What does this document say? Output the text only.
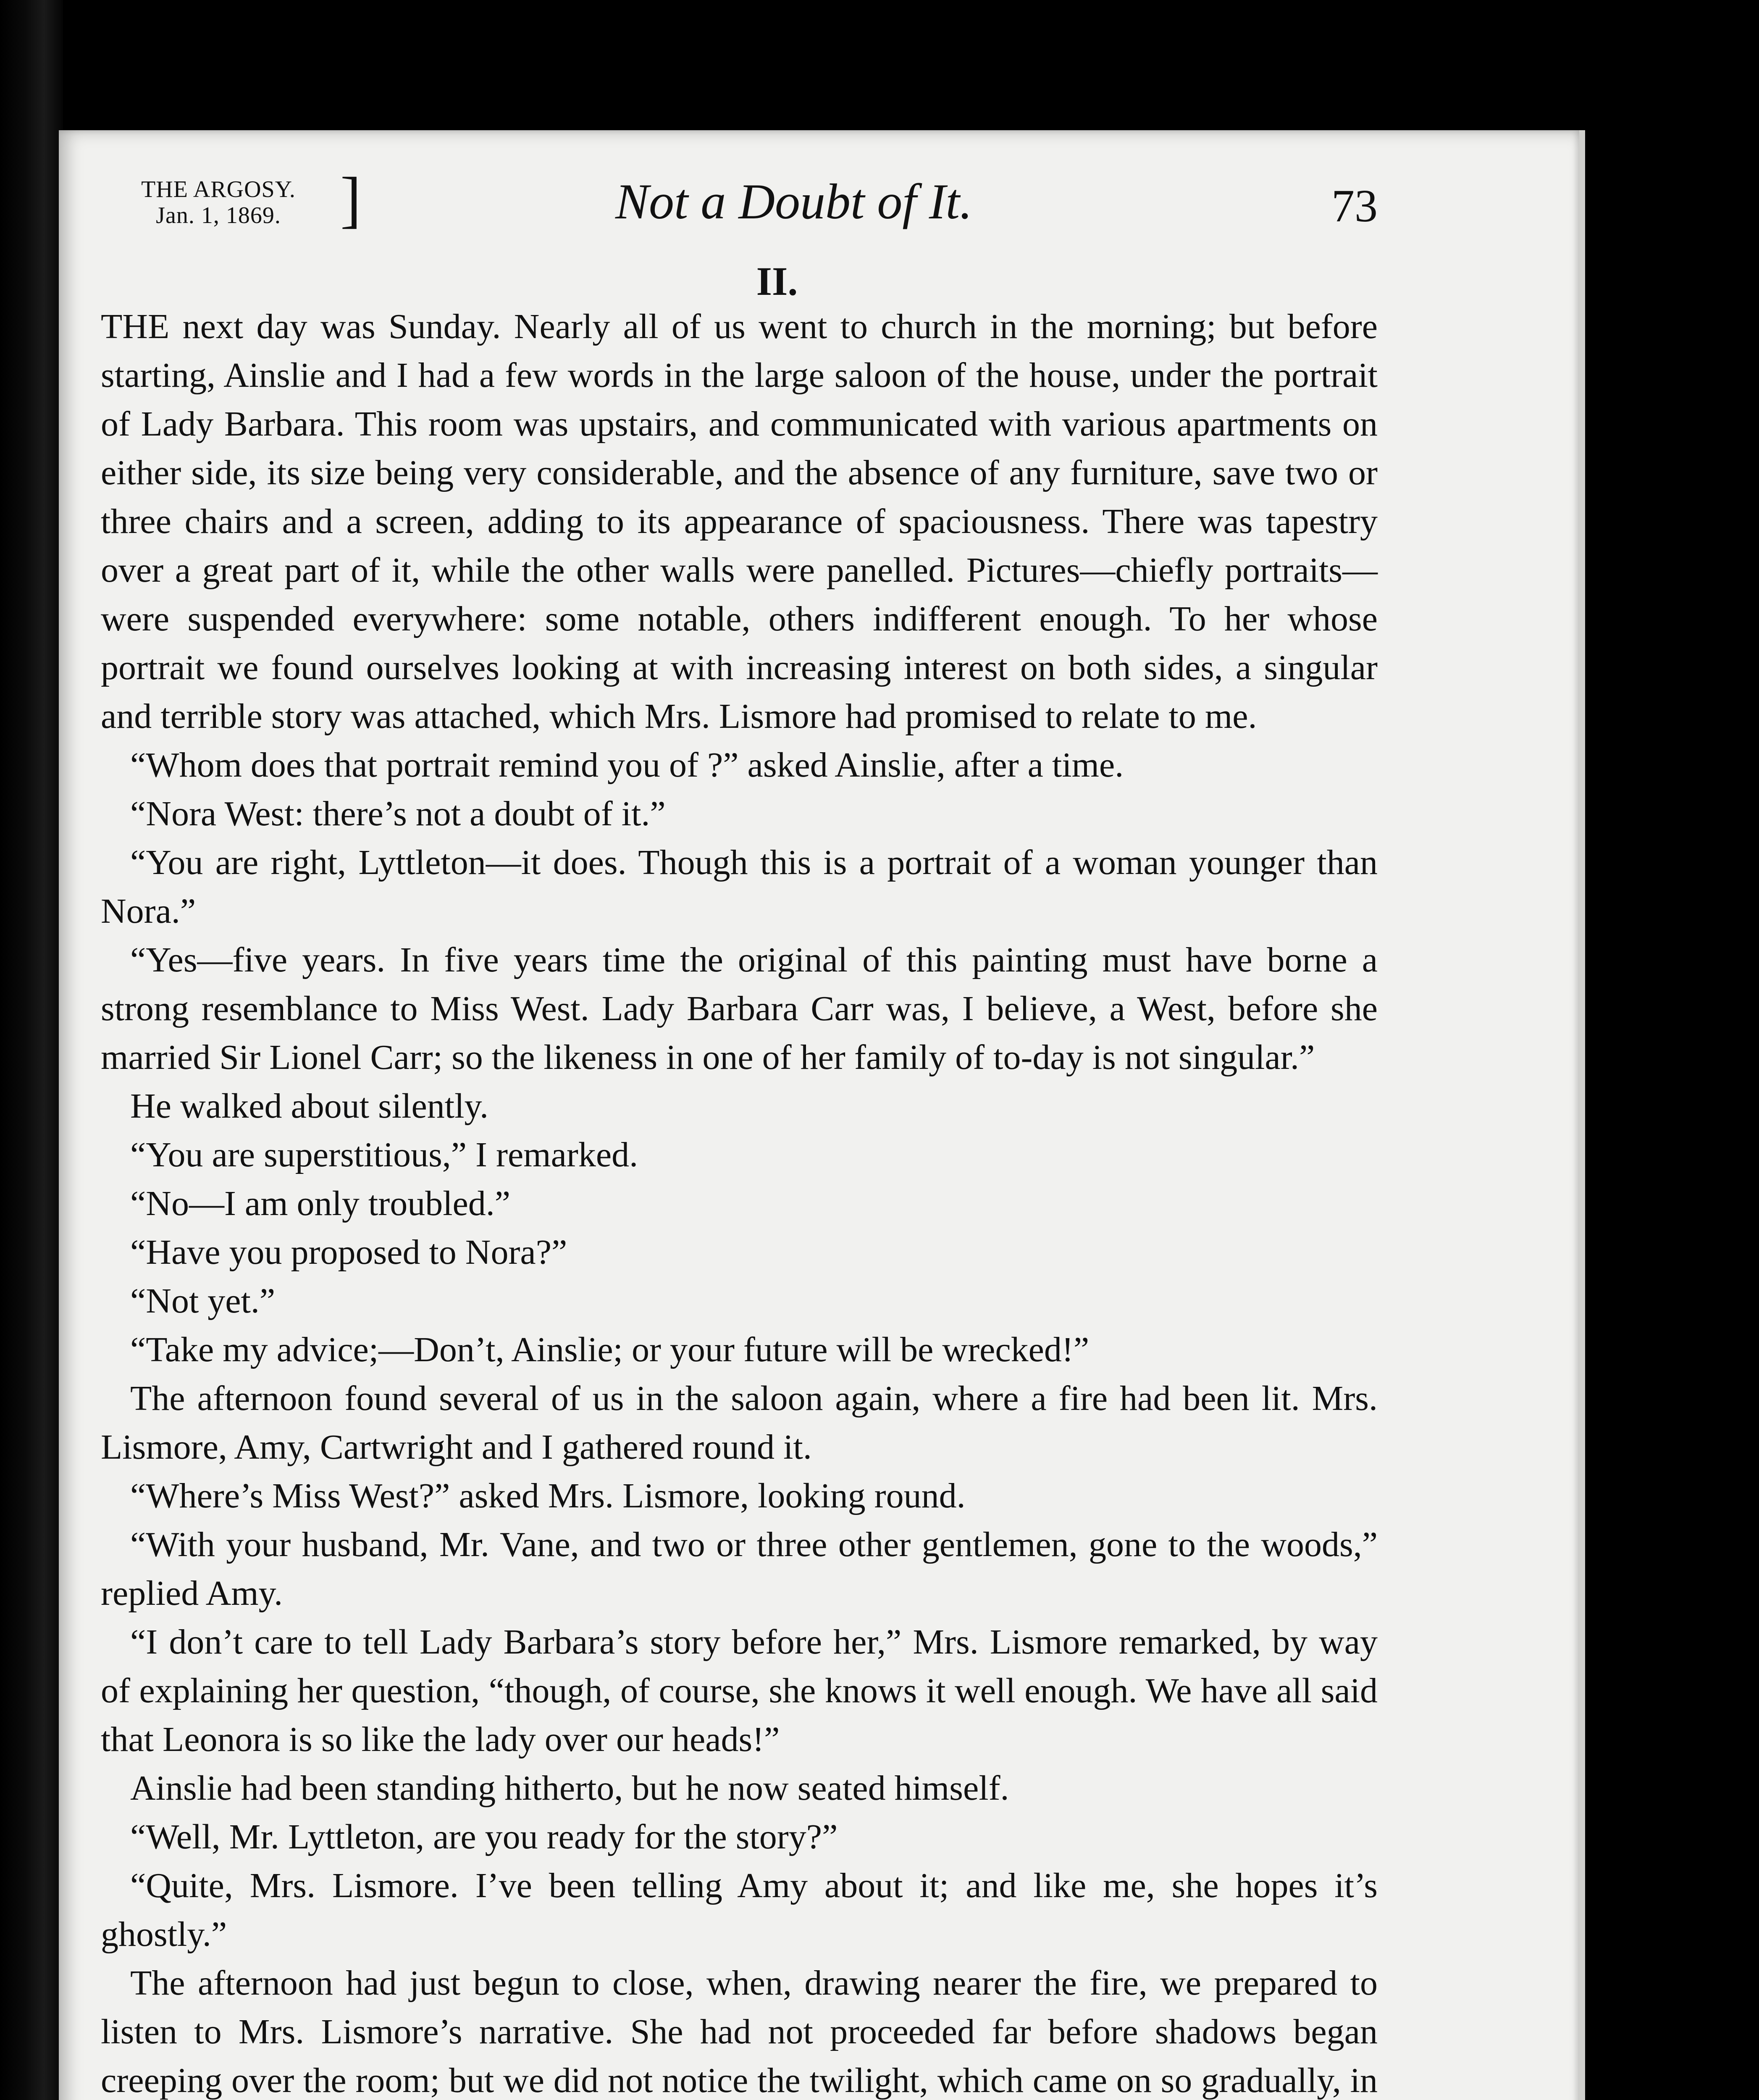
THE ARGOSY.
Jan. 1, 1869. ]	Not a Doubt of It.	73
II.

THE next day was Sunday. Nearly all of us went to church in the morning; but before starting, Ainslie and I had a few words in the large saloon of the house, under the portrait of Lady Barbara. This room was upstairs, and communicated with various apartments on either side, its size being very considerable, and the absence of any furniture, save two or three chairs and a screen, adding to its appearance of spaciousness. There was tapestry over a great part of it, while the other walls were panelled. Pictures—chiefly portraits—were suspended everywhere: some notable, others indifferent enough. To her whose portrait we found ourselves looking at with increasing interest on both sides, a singular and terrible story was attached, which Mrs. Lismore had promised to relate to me.

“Whom does that portrait remind you of ?” asked Ainslie, after a time.

“Nora West: there’s not a doubt of it.”

“You are right, Lyttleton—it does. Though this is a portrait of a woman younger than Nora.”

“Yes—five years. In five years time the original of this painting must have borne a strong resemblance to Miss West. Lady Barbara Carr was, I believe, a West, before she married Sir Lionel Carr; so the likeness in one of her family of to-day is not singular.”

He walked about silently.

“You are superstitious,” I remarked.

“No—I am only troubled.”

“Have you proposed to Nora?”

“Not yet.”

“Take my advice;—Don’t, Ainslie; or your future will be wrecked!”

The afternoon found several of us in the saloon again, where a fire had been lit. Mrs. Lismore, Amy, Cartwright and I gathered round it.

“Where’s Miss West?” asked Mrs. Lismore, looking round.

“With your husband, Mr. Vane, and two or three other gentlemen, gone to the woods,” replied Amy.

“I don’t care to tell Lady Barbara’s story before her,” Mrs. Lismore remarked, by way of explaining her question, “though, of course, she knows it well enough. We have all said that Leonora is so like the lady over our heads!”

Ainslie had been standing hitherto, but he now seated himself.

“Well, Mr. Lyttleton, are you ready for the story?”

“Quite, Mrs. Lismore. I’ve been telling Amy about it; and like me, she hopes it’s ghostly.”

The afternoon had just begun to close, when, drawing nearer the fire, we prepared to listen to Mrs. Lismore’s narrative. She had not proceeded far before shadows began creeping over the room; but we did not notice the twilight, which came on so gradually, in
